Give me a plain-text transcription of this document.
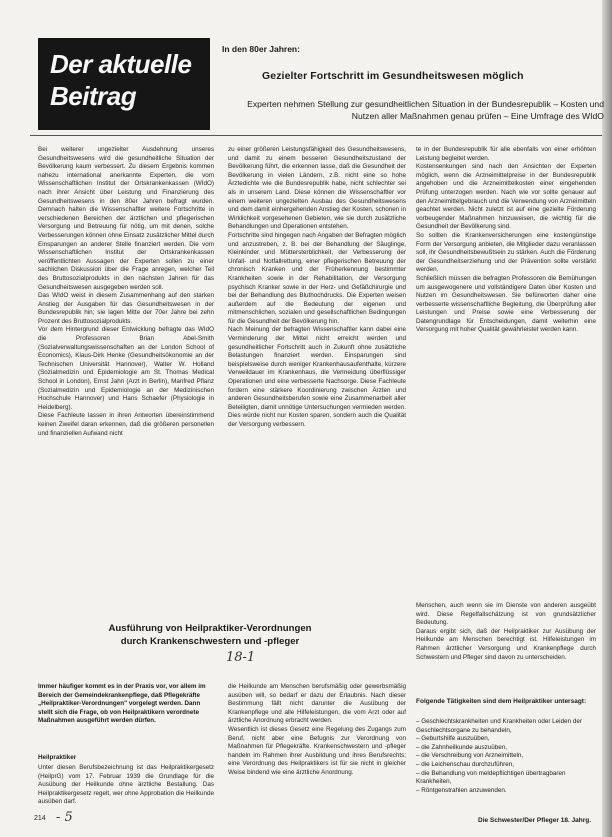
Der aktuelle
Beitrag
In den 80er Jahren:
Gezielter Fortschritt im Gesundheitswesen möglich
Experten nehmen Stellung zur gesundheitlichen Situation in der Bundesrepublik – Kosten und Nutzen aller Maßnahmen genau prüfen – Eine Umfrage des WIdO

Bei weiterer ungezielter Ausdehnung unseres Gesundheitswesens wird die gesundheitliche Situation der Bevölkerung kaum verbessert. Zu diesem Ergebnis kommen nahezu international anerkannte Experten, die vom Wissenschaftlichen Institut der Ortskrankenkassen (WIdO) nach ihrer Ansicht über Leistung und Finanzierung des Gesundheitswesens in den 80er Jahren befragt wurden. Demnach halten die Wissenschaftler weitere Fortschritte in verschiedenen Bereichen der ärztlichen und pflegerischen Versorgung und Betreuung für nötig, um mit denen, solche Verbesserungen können ohne Einsatz zusätzlicher Mittel durch Einsparungen an anderer Stelle finanziert werden. Die vom Wissenschaftlichen Institut der Ortskrankenkassen veröffentlichten Aussagen der Experten sollen zu einer sachlichen Diskussion über die Frage anregen, welcher Teil des Bruttosozialprodukts in den nächsten Jahren für das Gesundheitswesen ausgegeben werden soll.
Das WIdO weist in diesem Zusammenhang auf den starken Anstieg der Ausgaben für das Gesundheitswesen in der Bundesrepublik hin; sie lagen Mitte der 70er Jahre bei zehn Prozent des Bruttosozialprodukts.
Vor dem Hintergrund dieser Entwicklung befragte das WIdO die Professoren Brian Abel-Smith (Sozialverwaltungswissenschaften an der London School of Economics), Klaus-Dirk Henke (Gesundheitsökonomie an der Technischen Universität Hannover), Walter W. Holland (Sozialmedizin und Epidemiologie am St. Thomas Medical School in London), Ernst Jahn (Arzt in Berlin), Manfred Pflanz (Sozialmedizin und Epidemiologie an der Medizinischen Hochschule Hannover) und Hans Schaefer (Physiologie in Heidelberg).
Diese Fachleute lassen in ihren Antworten übereinstimmend keinen Zweifel daran erkennen, daß die größeren personellen und finanziellen Aufwand nicht

zu einer größeren Leistungsfähigkeit des Gesundheitswesens, und damit zu einem besseren Gesundheitszustand der Bevölkerung führt, die erkennen lasse, daß die Gesundheit der Bevölkerung in vielen Ländern, z.B. nicht eine so hohe Ärztedichte wie die Bundesrepublik habe, nicht schlechter sei als in unserem Land. Diese können die Wissenschaftler vor einem weiteren ungezielten Ausbau des Gesundheitswesens und dem damit einhergehenden Anstieg der Kosten, schonen in Wirklichkeit vorgesehenen Gebieten, wie sie durch zusätzliche Behandlungen und Operationen entstehen.
Fortschritte sind hingegen nach Angaben der Befragten möglich und anzustreben, z. B. bei der Behandlung der Säuglinge, Kleinkinder und Müttersterblichkeit, der Verbesserung der Unfall- und Notfallrettung, einer pflegerischen Betreuung der chronisch Kranken und der Früherkennung bestimmter Krankheiten sowie in der Rehabilitation, der Versorgung psychisch Kranker sowie in der Herz- und Gefäßchirurgie und bei der Behandlung des Bluthochdrucks. Die Experten weisen außerdem auf die Bedeutung der eigenen und mitmenschlichen, sozialen und gesellschaftlichen Bedingungen für die Gesundheit der Bevölkerung hin.
Nach Meinung der befragten Wissenschaftler kann dabei eine Verminderung der Mittel nicht erreicht werden und gesundheitlicher Fortschritt auch in Zukunft ohne zusätzliche Belastungen finanziert werden. Einsparungen sind beispielsweise durch weniger Krankenhausaufenthalte, kürzere Verweildauer im Krankenhaus, die Vermeidung überflüssiger Operationen und eine verbesserte Nachsorge. Diese Fachleute fordern eine stärkere Koordinierung zwischen Ärzten und anderen Gesundheitsberufen sowie eine Zusammenarbeit aller Beteiligten, damit unnötige Untersuchungen vermieden werden. Dies würde nicht nur Kosten sparen, sondern auch die Qualität der Versorgung verbessern.

te in der Bundesrepublik für alle ebenfalls von einer erhöhten Leistung begleitet werden.
Kostensenkungen sind nach den Ansichten der Experten möglich, wenn die Arzneimittelpreise in der Bundesrepublik angehoben und die Arzneimittelkosten einer eingehenden Prüfung unterzogen werden. Nach wie vor sollte genauer auf den Arzneimittelgebrauch und die Verwendung von Arzneimitteln geachtet werden. Nicht zuletzt ist auf eine gezielte Förderung vorbeugender Maßnahmen hinzuweisen, die wichtig für die Gesundheit der Bevölkerung sind.
So sollten die Krankenversicherungen eine kostengünstige Form der Versorgung anbieten, die Mitglieder dazu veranlassen soll, ihr Gesundheitsbewußtsein zu stärken. Auch die Förderung der Gesundheitserziehung und der Prävention sollte verstärkt werden.
Schließlich müssen die befragten Professoren die Bemühungen um ausgewogenere und vollständigere Daten über Kosten und Nutzen im Gesundheitswesen. Sie befürworten daher eine verbesserte wissenschaftliche Begleitung, die Überprüfung aller Leistungen und Preise sowie eine Verbesserung der Datengrundlage für Entscheidungen, damit weiterhin eine Versorgung mit hoher Qualität gewährleistet werden kann.

Menschen, auch wenn sie im Dienste von anderen ausgeübt wird. Diese Regelfallschätzung ist von grundsätzlicher Bedeutung.
Daraus ergibt sich, daß der Heilpraktiker zur Ausübung der Heilkunde am Menschen berechtigt ist. Hilfeleistungen im Rahmen ärztlicher Versorgung und Krankenpflege durch Schwestern und Pfleger sind davon zu unterscheiden.

Ausführung von Heilpraktiker-Verordnungen
durch Krankenschwestern und -pfleger
18-1
Immer häufiger kommt es in der Praxis vor, vor allem im Bereich der Gemeindekrankenpflege, daß Pflegekräfte „Heilpraktiker-Verordnungen" vorgelegt werden. Dann stellt sich die Frage, ob von Heilpraktikern verordnete Maßnahmen ausgeführt werden dürfen.
Heilpraktiker

Unter diesen Berufsbezeichnung ist das Heilpraktikergesetz (HeilprG) vom 17. Februar 1939 die Grundlage für die Ausübung der Heilkunde ohne ärztliche Bestallung. Das Heilpraktikergesetz regelt, wer ohne Approbation die Heilkunde ausüben darf.

die Heilkunde am Menschen berufsmäßig oder gewerbsmäßig ausüben will, so bedarf er dazu der Erlaubnis. Nach dieser Bestimmung fällt nicht darunter die Ausübung der Krankenpflege und alle Hilfeleistungen, die vom Arzt oder auf ärztliche Anordnung erbracht werden.
Wesentlich ist dieses Gesetz eine Regelung des Zugangs zum Beruf, nicht aber eine Befugnis zur Verordnung von Maßnahmen für Pflegekräfte. Krankenschwestern und -pfleger handeln im Rahmen ihrer Ausbildung und ihres Berufsrechts; eine Verordnung des Heilpraktikers ist für sie nicht in gleicher Weise bindend wie eine ärztliche Anordnung.

Folgende Tätigkeiten sind dem Heilpraktiker untersagt:
– Geschlechtskrankheiten und Krankheiten oder Leiden der Geschlechtsorgane zu behandeln,
– Geburtshilfe auszuüben,
– die Zahnheilkunde auszuüben,
– die Verschreibung von Arzneimitteln,
– die Leichenschau durchzuführen,
– die Behandlung von meldepflichtigen übertragbaren Krankheiten,
– Röntgenstrahlen anzuwenden.
214 - 5	Die Schwester/Der Pfleger 18. Jahrg.
